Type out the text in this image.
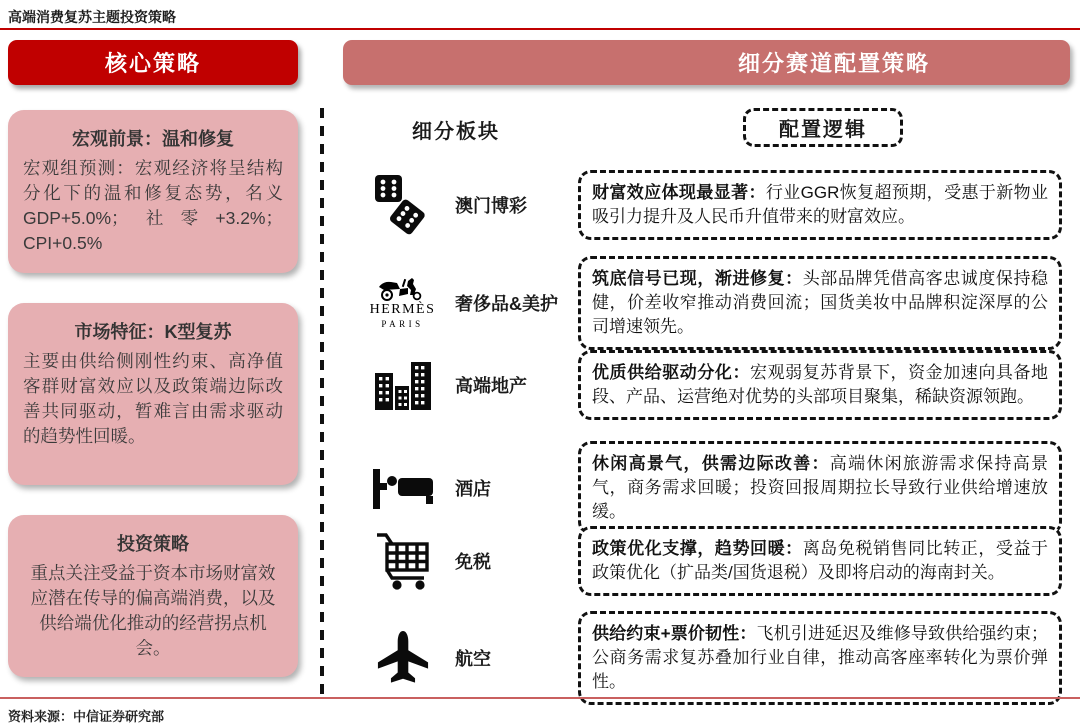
高端消费复苏主题投资策略
核心策略
宏观前景：温和修复
宏观组预测：宏观经济将呈结构分化下的温和修复态势，名义GDP+5.0%；社零+3.2%；CPI+0.5%
市场特征：K型复苏
主要由供给侧刚性约束、高净值客群财富效应以及政策端边际改善共同驱动，暂难言由需求驱动的趋势性回暖。
投资策略
重点关注受益于资本市场财富效应潜在传导的偏高端消费，以及供给端优化推动的经营拐点机会。
细分赛道配置策略
细分板块	配置逻辑
澳门博彩
财富效应体现最显著：行业GGR恢复超预期，受惠于新物业吸引力提升及人民币升值带来的财富效应。
HERMÈS
PARIS
奢侈品&美护
筑底信号已现，渐进修复：头部品牌凭借高客忠诚度保持稳健，价差收窄推动消费回流；国货美妆中品牌积淀深厚的公司增速领先。
高端地产
优质供给驱动分化：宏观弱复苏背景下，资金加速向具备地段、产品、运营绝对优势的头部项目聚集，稀缺资源领跑。
酒店
休闲高景气，供需边际改善：高端休闲旅游需求保持高景气，商务需求回暖；投资回报周期拉长导致行业供给增速放缓。
免税
政策优化支撑，趋势回暖：离岛免税销售同比转正，受益于政策优化（扩品类/国货退税）及即将启动的海南封关。
航空
供给约束+票价韧性：飞机引进延迟及维修导致供给强约束；公商务需求复苏叠加行业自律，推动高客座率转化为票价弹性。
资料来源：中信证券研究部
